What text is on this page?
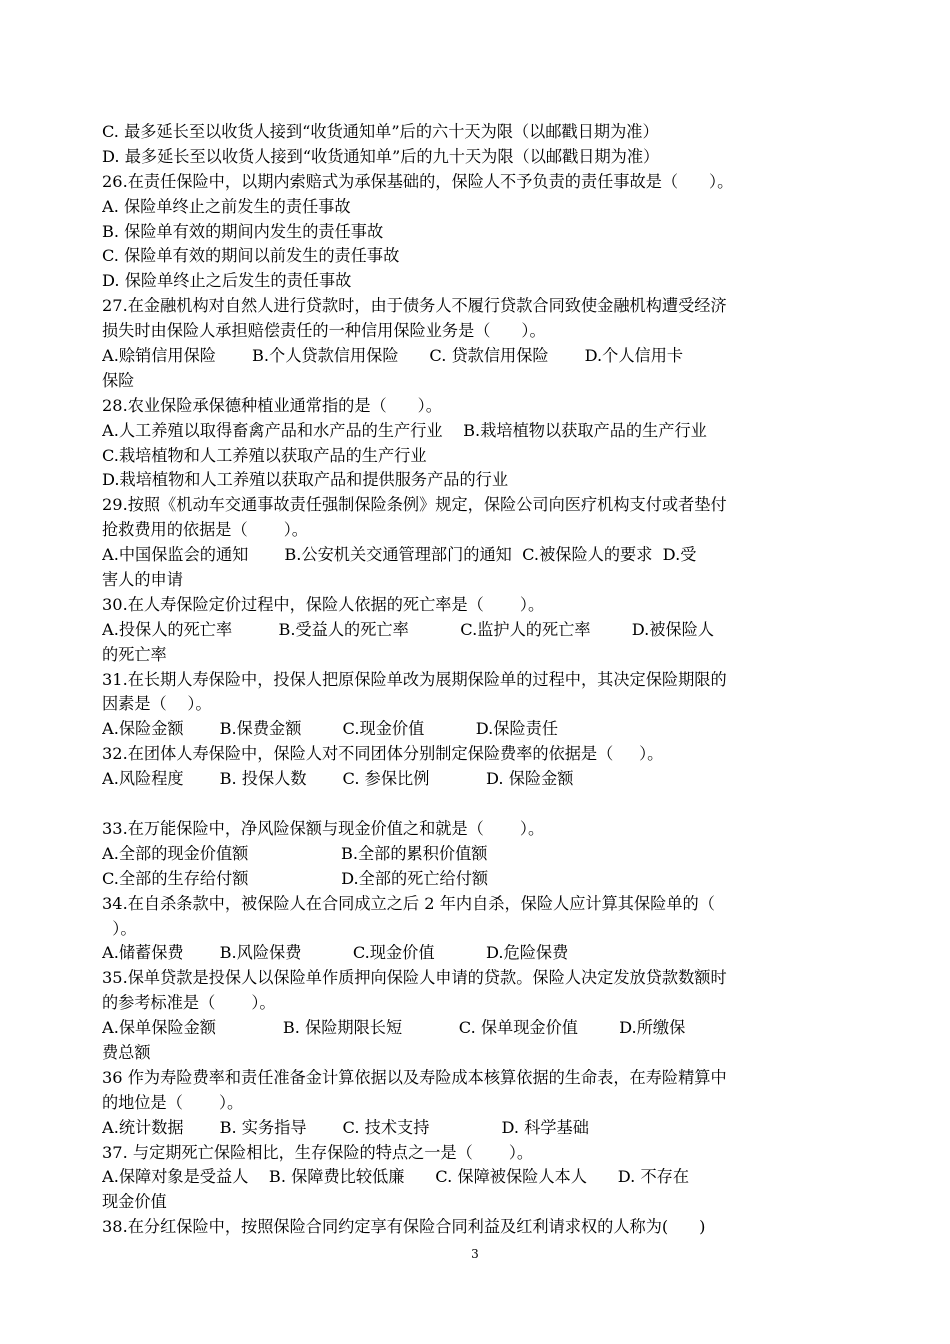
C. 最多延长至以收货人接到“收货通知单”后的六十天为限（以邮戳日期为准）
D. 最多延长至以收货人接到“收货通知单”后的九十天为限（以邮戳日期为准）
26.在责任保险中，以期内索赔式为承保基础的，保险人不予负责的责任事故是（      ）。
A. 保险单终止之前发生的责任事故
B. 保险单有效的期间内发生的责任事故
C. 保险单有效的期间以前发生的责任事故
D. 保险单终止之后发生的责任事故
27.在金融机构对自然人进行贷款时，由于债务人不履行贷款合同致使金融机构遭受经济
损失时由保险人承担赔偿责任的一种信用保险业务是（      ）。
A.赊销信用保险       B.个人贷款信用保险      C. 贷款信用保险       D.个人信用卡
保险
28.农业保险承保德种植业通常指的是（      ）。
A.人工养殖以取得畜禽产品和水产品的生产行业    B.栽培植物以获取产品的生产行业
C.栽培植物和人工养殖以获取产品的生产行业
D.栽培植物和人工养殖以获取产品和提供服务产品的行业
29.按照《机动车交通事故责任强制保险条例》规定，保险公司向医疗机构支付或者垫付
抢救费用的依据是（       ）。
A.中国保监会的通知       B.公安机关交通管理部门的通知  C.被保险人的要求  D.受
害人的申请
30.在人寿保险定价过程中，保险人依据的死亡率是（       ）。
A.投保人的死亡率         B.受益人的死亡率          C.监护人的死亡率        D.被保险人
的死亡率
31.在长期人寿保险中，投保人把原保险单改为展期保险单的过程中，其决定保险期限的
因素是（    ）。
A.保险金额       B.保费金额        C.现金价值          D.保险责任
32.在团体人寿保险中，保险人对不同团体分别制定保险费率的依据是（     ）。
A.风险程度       B. 投保人数       C. 参保比例           D. 保险金额
33.在万能保险中，净风险保额与现金价值之和就是（       ）。
A.全部的现金价值额                  B.全部的累积价值额
C.全部的生存给付额                  D.全部的死亡给付额
34.在自杀条款中，被保险人在合同成立之后 2 年内自杀，保险人应计算其保险单的（
）。
A.储蓄保费       B.风险保费          C.现金价值          D.危险保费
35.保单贷款是投保人以保险单作质押向保险人申请的贷款。保险人决定发放贷款数额时
的参考标准是（       ）。
A.保单保险金额             B. 保险期限长短           C. 保单现金价值        D.所缴保
费总额
36 作为寿险费率和责任准备金计算依据以及寿险成本核算依据的生命表，在寿险精算中
的地位是（       ）。
A.统计数据       B. 实务指导       C. 技术支持              D. 科学基础
37. 与定期死亡保险相比，生存保险的特点之一是（       ）。
A.保障对象是受益人    B. 保障费比较低廉      C. 保障被保险人本人      D. 不存在
现金价值
38.在分红保险中，按照保险合同约定享有保险合同利益及红利请求权的人称为(      )
3
